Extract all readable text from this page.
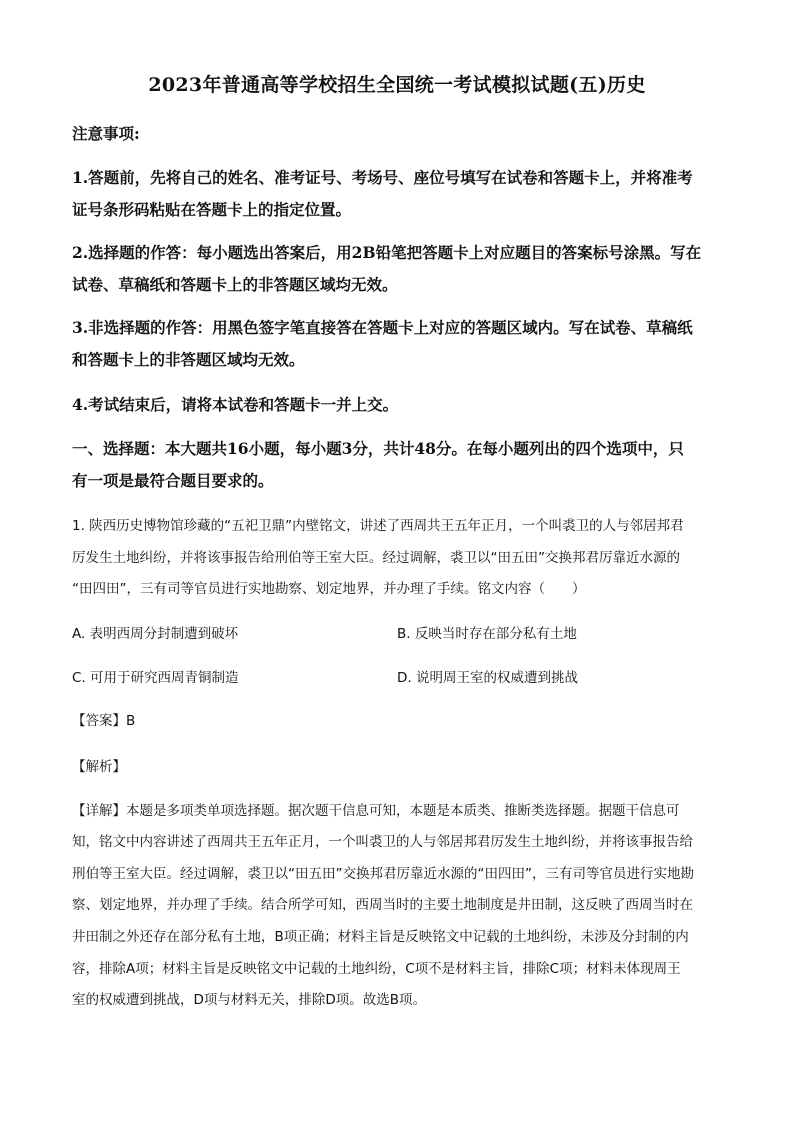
2023年普通高等学校招生全国统一考试模拟试题(五)历史
注意事项:
1.答题前，先将自己的姓名、准考证号、考场号、座位号填写在试卷和答题卡上，并将准考
证号条形码粘贴在答题卡上的指定位置。
2.选择题的作答：每小题选出答案后，用2B铅笔把答题卡上对应题目的答案标号涂黑。写在
试卷、草稿纸和答题卡上的非答题区域均无效。
3.非选择题的作答：用黑色签字笔直接答在答题卡上对应的答题区域内。写在试卷、草稿纸
和答题卡上的非答题区域均无效。
4.考试结束后，请将本试卷和答题卡一并上交。
一、选择题：本大题共16小题，每小题3分，共计48分。在每小题列出的四个选项中，只
有一项是最符合题目要求的。
1. 陕西历史博物馆珍藏的“五祀卫鼎”内壁铭文，讲述了西周共王五年正月，一个叫裘卫的人与邻居邦君
厉发生土地纠纷，并将该事报告给刑伯等王室大臣。经过调解，裘卫以“田五田”交换邦君厉靠近水源的
“田四田”，三有司等官员进行实地勘察、划定地界，并办理了手续。铭文内容（　　）
A. 表明西周分封制遭到破坏	B. 反映当时存在部分私有土地
C. 可用于研究西周青铜制造	D. 说明周王室的权威遭到挑战
【答案】B
【解析】
【详解】本题是多项类单项选择题。据次题干信息可知，本题是本质类、推断类选择题。据题干信息可
知，铭文中内容讲述了西周共王五年正月，一个叫裘卫的人与邻居邦君厉发生土地纠纷，并将该事报告给
刑伯等王室大臣。经过调解，裘卫以“田五田”交换邦君厉靠近水源的“田四田”，三有司等官员进行实地勘
察、划定地界，并办理了手续。结合所学可知，西周当时的主要土地制度是井田制，这反映了西周当时在
井田制之外还存在部分私有土地，B项正确；材料主旨是反映铭文中记载的土地纠纷，未涉及分封制的内
容，排除A项；材料主旨是反映铭文中记载的土地纠纷，C项不是材料主旨，排除C项；材料未体现周王
室的权威遭到挑战，D项与材料无关，排除D项。故选B项。
